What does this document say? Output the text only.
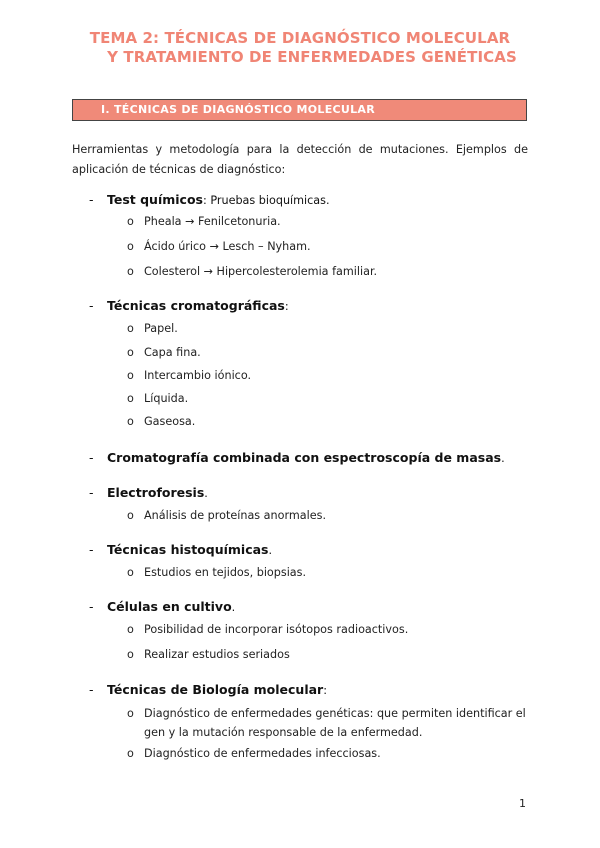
TEMA 2: TÉCNICAS DE DIAGNÓSTICO MOLECULAR
Y TRATAMIENTO DE ENFERMEDADES GENÉTICAS
I. TÉCNICAS DE DIAGNÓSTICO MOLECULAR
Herramientas y metodología para la detección de mutaciones. Ejemplos de aplicación de técnicas de diagnóstico:
- Test químicos: Pruebas bioquímicas.
o Pheala → Fenilcetonuria.
o Ácido úrico → Lesch – Nyham.
o Colesterol → Hipercolesterolemia familiar.
- Técnicas cromatográficas:
o Papel.
o Capa fina.
o Intercambio iónico.
o Líquida.
o Gaseosa.
- Cromatografía combinada con espectroscopía de masas.
- Electroforesis.
o Análisis de proteínas anormales.
- Técnicas histoquímicas.
o Estudios en tejidos, biopsias.
- Células en cultivo.
o Posibilidad de incorporar isótopos radioactivos.
o Realizar estudios seriados
- Técnicas de Biología molecular:
o Diagnóstico de enfermedades genéticas: que permiten identificar el gen y la mutación responsable de la enfermedad.
o Diagnóstico de enfermedades infecciosas.
1
